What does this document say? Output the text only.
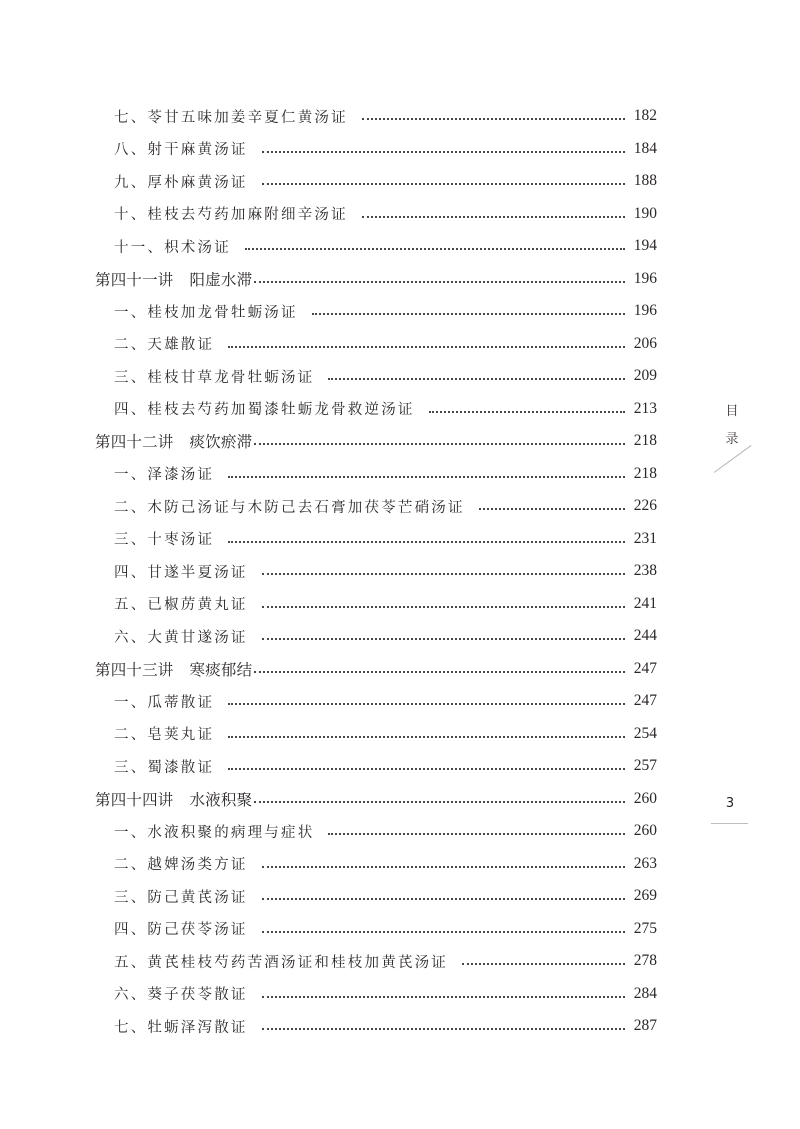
七、苓甘五味加姜辛夏仁黄汤证	182
八、射干麻黄汤证	184
九、厚朴麻黄汤证	188
十、桂枝去芍药加麻附细辛汤证	190
十一、枳术汤证	194
第四十一讲 阳虚水滞	196
一、桂枝加龙骨牡蛎汤证	196
二、天雄散证	206
三、桂枝甘草龙骨牡蛎汤证	209
四、桂枝去芍药加蜀漆牡蛎龙骨救逆汤证	213
第四十二讲 痰饮瘀滞	218
一、泽漆汤证	218
二、木防己汤证与木防己去石膏加茯苓芒硝汤证	226
三、十枣汤证	231
四、甘遂半夏汤证	238
五、已椒苈黄丸证	241
六、大黄甘遂汤证	244
第四十三讲 寒痰郁结	247
一、瓜蒂散证	247
二、皂荚丸证	254
三、蜀漆散证	257
第四十四讲 水液积聚	260
一、水液积聚的病理与症状	260
二、越婢汤类方证	263
三、防己黄芪汤证	269
四、防己茯苓汤证	275
五、黄芪桂枝芍药苦酒汤证和桂枝加黄芪汤证	278
六、葵子茯苓散证	284
七、牡蛎泽泻散证	287
目
录
3
